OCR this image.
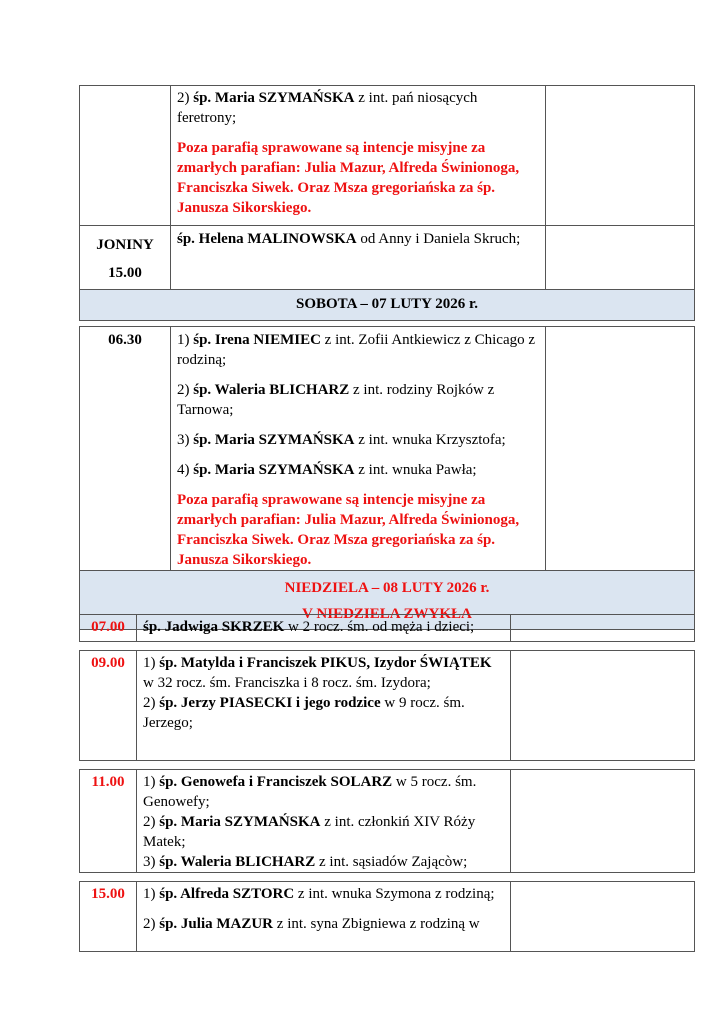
	2) śp. Maria SZYMAŃSKA z int. pań niosących feretrony;

Poza parafią sprawowane są intencje misyjne za zmarłych parafian: Julia Mazur, Alfreda Świnionoga, Franciszka Siwek. Oraz Msza gregoriańska za śp. Janusza Sikorskiego.	

JONINY
15.00	śp. Helena MALINOWSKA od Anny i Daniela Skruch;	

SOBOTA – 07 LUTY 2026 r.		

06.30	1) śp. Irena NIEMIEC z int. Zofii Antkiewicz z Chicago z rodziną;

2) śp. Waleria BLICHARZ z int. rodziny Rojków z Tarnowa;

3) śp. Maria SZYMAŃSKA z int. wnuka Krzysztofa;

4) śp. Maria SZYMAŃSKA z int. wnuka Pawła;

Poza parafią sprawowane są intencje misyjne za zmarłych parafian: Julia Mazur, Alfreda Świnionoga, Franciszka Siwek. Oraz Msza gregoriańska za śp. Janusza Sikorskiego.	

NIEDZIELA – 08 LUTY 2026 r.
V NIEDZIELA ZWYKŁA		
07.00	śp. Jadwiga SKRZEK w 2 rocz. śm. od męża i dzieci;	

09.00	1) śp. Matylda i Franciszek PIKUS, Izydor ŚWIĄTEK            w 32 rocz. śm. Franciszka i 8 rocz. śm. Izydora;

2) śp. Jerzy PIASECKI i jego rodzice w 9 rocz. śm. Jerzego;	

11.00	1) śp. Genowefa i Franciszek SOLARZ w 5 rocz. śm. Genowefy;

2) śp. Maria SZYMAŃSKA z int. członkiń XIV Róży Matek;

3) śp. Waleria BLICHARZ z int. sąsiadów Zającòw;	

15.00	1) śp. Alfreda SZTORC z int. wnuka Szymona z rodziną;

2) śp. Julia MAZUR z int. syna Zbigniewa z rodziną w	
